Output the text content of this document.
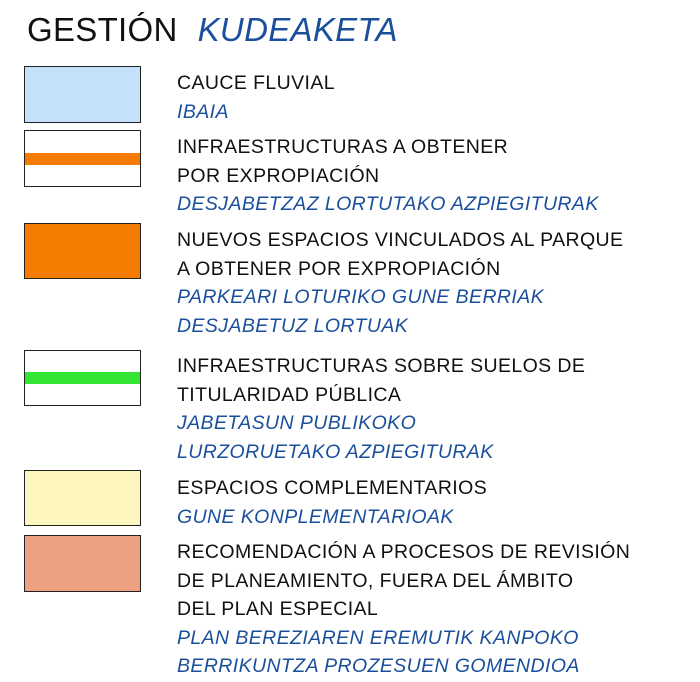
GESTIÓN KUDEAKETA
CAUCE FLUVIAL
IBAIA
INFRAESTRUCTURAS A OBTENER
POR EXPROPIACIÓN
DESJABETZAZ LORTUTAKO AZPIEGITURAK
NUEVOS ESPACIOS VINCULADOS AL PARQUE
A OBTENER POR EXPROPIACIÓN
PARKEARI LOTURIKO GUNE BERRIAK
DESJABETUZ LORTUAK
INFRAESTRUCTURAS SOBRE SUELOS DE
TITULARIDAD PÚBLICA
JABETASUN PUBLIKOKO
LURZORUETAKO AZPIEGITURAK
ESPACIOS COMPLEMENTARIOS
GUNE KONPLEMENTARIOAK
RECOMENDACIÓN A PROCESOS DE REVISIÓN
DE PLANEAMIENTO, FUERA DEL ÁMBITO
DEL PLAN ESPECIAL
PLAN BEREZIAREN EREMUTIK KANPOKO
BERRIKUNTZA PROZESUEN GOMENDIOA
